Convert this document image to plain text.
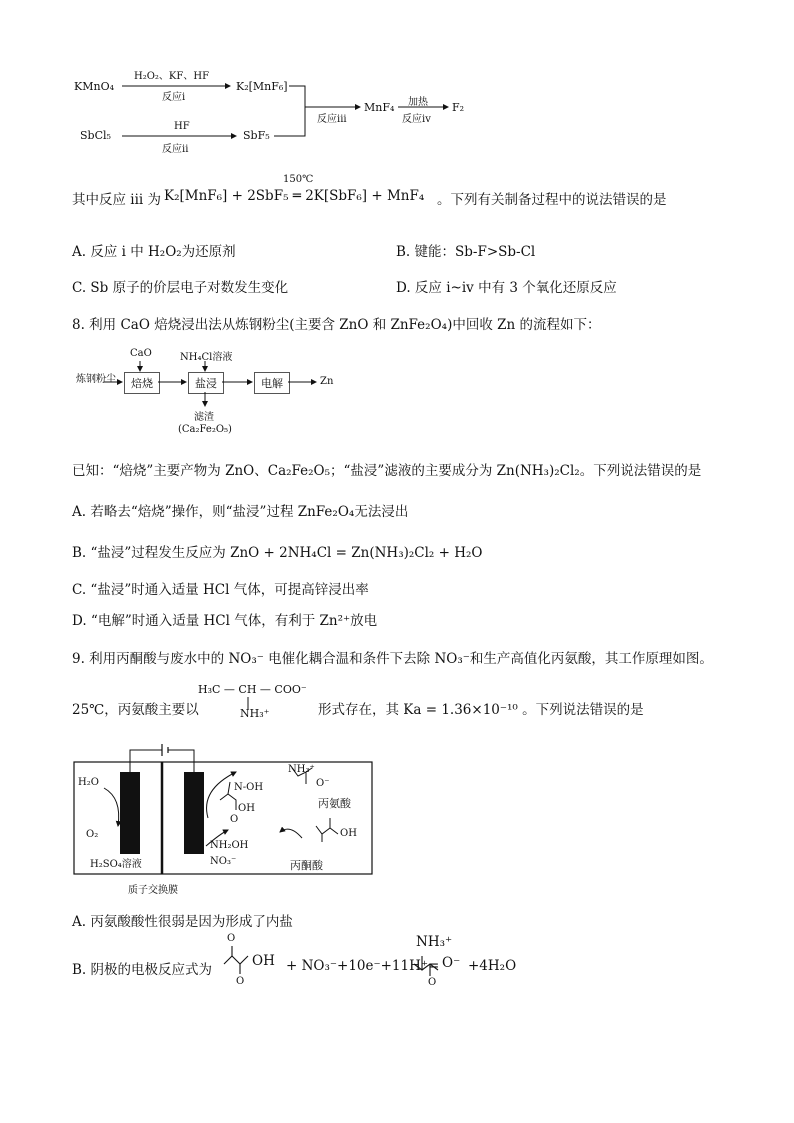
KMnO₄
H₂O₂、KF、HF
反应i
K₂[MnF₆]
SbCl₅
HF
反应ii
SbF₅
反应iii
MnF₄ 加热
反应iv
F₂
其中反应 iii 为
150℃
K₂[MnF₆] + 2SbF₅ ═ 2K[SbF₆] + MnF₄ 。下列有关制备过程中的说法错误的是
A. 反应 i 中 H₂O₂为还原剂	B. 键能：Sb-F>Sb-Cl
C. Sb 原子的价层电子对数发生变化	D. 反应 i~iv 中有 3 个氧化还原反应
8. 利用 CaO 焙烧浸出法从炼钢粉尘(主要含 ZnO 和 ZnFe₂O₄)中回收 Zn 的流程如下：
炼钢粉尘
CaO	NH₄Cl溶液
焙烧	盐浸	电解	Zn
滤渣
(Ca₂Fe₂O₅)
已知：“焙烧”主要产物为 ZnO、Ca₂Fe₂O₅；“盐浸”滤液的主要成分为 Zn(NH₃)₂Cl₂。下列说法错误的是
A. 若略去“焙烧”操作，则“盐浸”过程 ZnFe₂O₄无法浸出
B. “盐浸”过程发生反应为 ZnO + 2NH₄Cl = Zn(NH₃)₂Cl₂ + H₂O
C. “盐浸”时通入适量 HCl 气体，可提高锌浸出率
D. “电解”时通入适量 HCl 气体，有利于 Zn²⁺放电
9. 利用丙酮酸与废水中的 NO₃⁻ 电催化耦合温和条件下去除 NO₃⁻和生产高值化丙氨酸，其工作原理如图。
25℃，丙氨酸主要以
H₃C — CH — COO⁻
NH₃⁺	形式存在，其 Ka = 1.36×10⁻¹⁰ 。下列说法错误的是
H₂O
O₂
H₂SO₄溶液
质子交换膜
N-OH
OH
O
NH₃⁺
O⁻
丙氨酸
OH
丙酮酸
NH₂OH
NO₃⁻
A. 丙氨酸酸性很弱是因为形成了内盐
B. 阴极的电极反应式为
O
OH
O
+ NO₃⁻+10e⁻+11H⁺=
NH₃⁺
O⁻
O
+4H₂O
